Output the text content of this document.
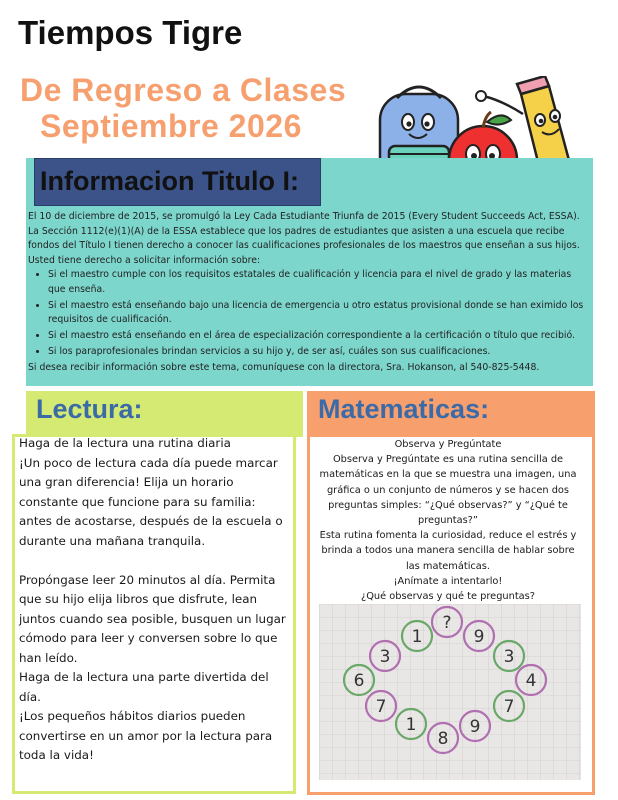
Tiempos Tigre
De Regreso a Clases
Septiembre 2026
Informacion Titulo I:

El 10 de diciembre de 2015, se promulgó la Ley Cada Estudiante Triunfa de 2015 (Every Student Succeeds Act, ESSA). La Sección 1112(e)(1)(A) de la ESSA establece que los padres de estudiantes que asisten a una escuela que recibe fondos del Título I tienen derecho a conocer las cualificaciones profesionales de los maestros que enseñan a sus hijos.

Usted tiene derecho a solicitar información sobre:

• Si el maestro cumple con los requisitos estatales de cualificación y licencia para el nivel de grado y las materias que enseña.
• Si el maestro está enseñando bajo una licencia de emergencia u otro estatus provisional donde se han eximido los requisitos de cualificación.
• Si el maestro está enseñando en el área de especialización correspondiente a la certificación o título que recibió.
• Si los paraprofesionales brindan servicios a su hijo y, de ser así, cuáles son sus cualificaciones.

Si desea recibir información sobre este tema, comuníquese con la directora, Sra. Hokanson, al 540-825-5448.

Lectura:
Haga de la lectura una rutina diaria
¡Un poco de lectura cada día puede marcar una gran diferencia! Elija un horario constante que funcione para su familia: antes de acostarse, después de la escuela o durante una mañana tranquila.
Propóngase leer 20 minutos al día. Permita que su hijo elija libros que disfrute, lean juntos cuando sea posible, busquen un lugar cómodo para leer y conversen sobre lo que han leído.
Haga de la lectura una parte divertida del día.
¡Los pequeños hábitos diarios pueden convertirse en un amor por la lectura para toda la vida!
Matematicas:
Observa y Pregúntate
Observa y Pregúntate es una rutina sencilla de matemáticas en la que se muestra una imagen, una gráfica o un conjunto de números y se hacen dos preguntas simples: “¿Qué observas?” y “¿Qué te preguntas?”
Esta rutina fomenta la curiosidad, reduce el estrés y brinda a todos una manera sencilla de hablar sobre las matemáticas.
¡Anímate a intentarlo!
¿Qué observas y qué te preguntas?
?
1	9
3	3
6	4
7	7
1
8
9
